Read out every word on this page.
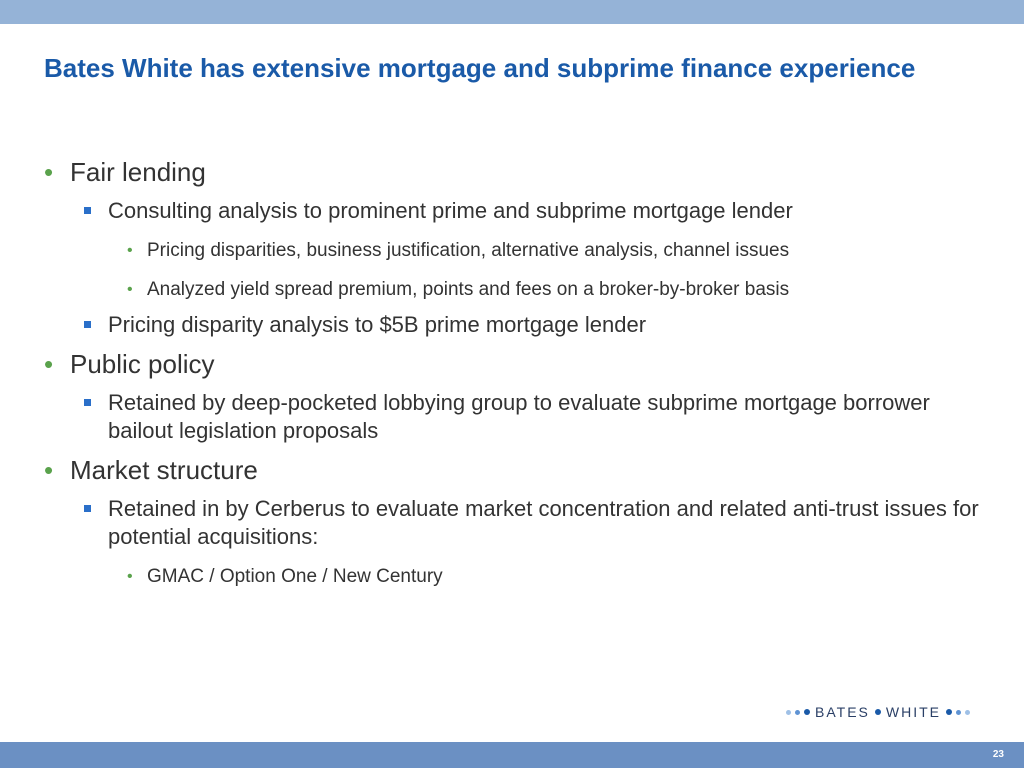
Bates White has extensive mortgage and subprime finance experience
• Fair lending
Consulting analysis to prominent prime and subprime mortgage lender
• Pricing disparities, business justification, alternative analysis, channel issues
• Analyzed yield spread premium, points and fees on a broker-by-broker basis
Pricing disparity analysis to $5B prime mortgage lender
• Public policy
Retained by deep-pocketed lobbying group to evaluate subprime mortgage borrower bailout legislation proposals
• Market structure
Retained in by Cerberus to evaluate market concentration and related anti-trust issues for potential acquisitions:
• GMAC / Option One / New Century
BATES WHITE
23
